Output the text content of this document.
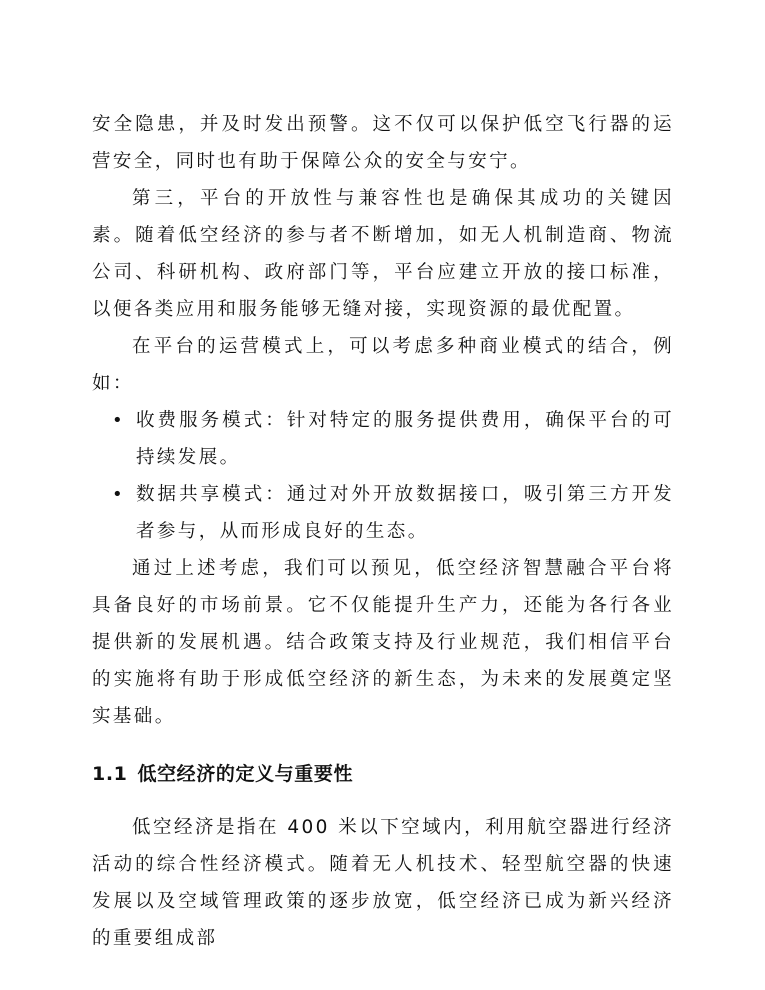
安全隐患，并及时发出预警。这不仅可以保护低空飞行器的运营安全，同时也有助于保障公众的安全与安宁。

第三，平台的开放性与兼容性也是确保其成功的关键因素。随着低空经济的参与者不断增加，如无人机制造商、物流公司、科研机构、政府部门等，平台应建立开放的接口标准，以便各类应用和服务能够无缝对接，实现资源的最优配置。

在平台的运营模式上，可以考虑多种商业模式的结合，例如：

• 收费服务模式：针对特定的服务提供费用，确保平台的可持续发展。
• 数据共享模式：通过对外开放数据接口，吸引第三方开发者参与，从而形成良好的生态。

通过上述考虑，我们可以预见，低空经济智慧融合平台将具备良好的市场前景。它不仅能提升生产力，还能为各行各业提供新的发展机遇。结合政策支持及行业规范，我们相信平台的实施将有助于形成低空经济的新生态，为未来的发展奠定坚实基础。

1.1 低空经济的定义与重要性

低空经济是指在 400 米以下空域内，利用航空器进行经济活动的综合性经济模式。随着无人机技术、轻型航空器的快速发展以及空域管理政策的逐步放宽，低空经济已成为新兴经济的重要组成部
